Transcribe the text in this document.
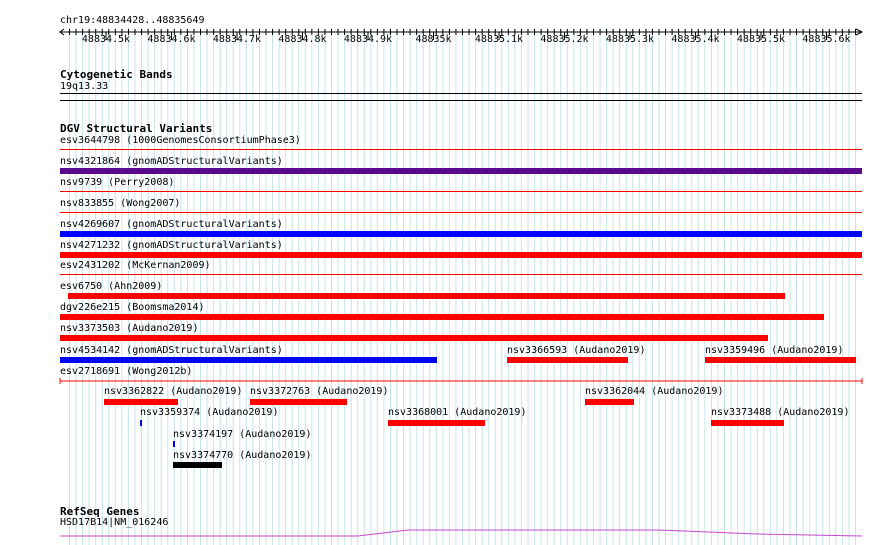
chr19:48834428..48835649
48834.5k 48834.6k 48834.7k 48834.8k 48834.9k 48835k 48835.1k 48835.2k 48835.3k 48835.4k 48835.5k 48835.6k
Cytogenetic Bands
19q13.33
DGV Structural Variants
esv3644798 (1000GenomesConsortiumPhase3)
nsv4321864 (gnomADStructuralVariants)
nsv9739 (Perry2008)
nsv833855 (Wong2007)
nsv4269607 (gnomADStructuralVariants)
nsv4271232 (gnomADStructuralVariants)
esv2431202 (McKernan2009)
esv6750 (Ahn2009)
dgv226e215 (Boomsma2014)
nsv3373503 (Audano2019)
nsv4534142 (gnomADStructuralVariants)	nsv3366593 (Audano2019)	nsv3359496 (Audano2019)
esv2718691 (Wong2012b)
nsv3362822 (Audano2019) nsv3372763 (Audano2019)	nsv3362044 (Audano2019)
nsv3359374 (Audano2019)	nsv3368001 (Audano2019)	nsv3373488 (Audano2019)
nsv3374197 (Audano2019)
nsv3374770 (Audano2019)
RefSeq Genes
HSD17B14|NM_016246
